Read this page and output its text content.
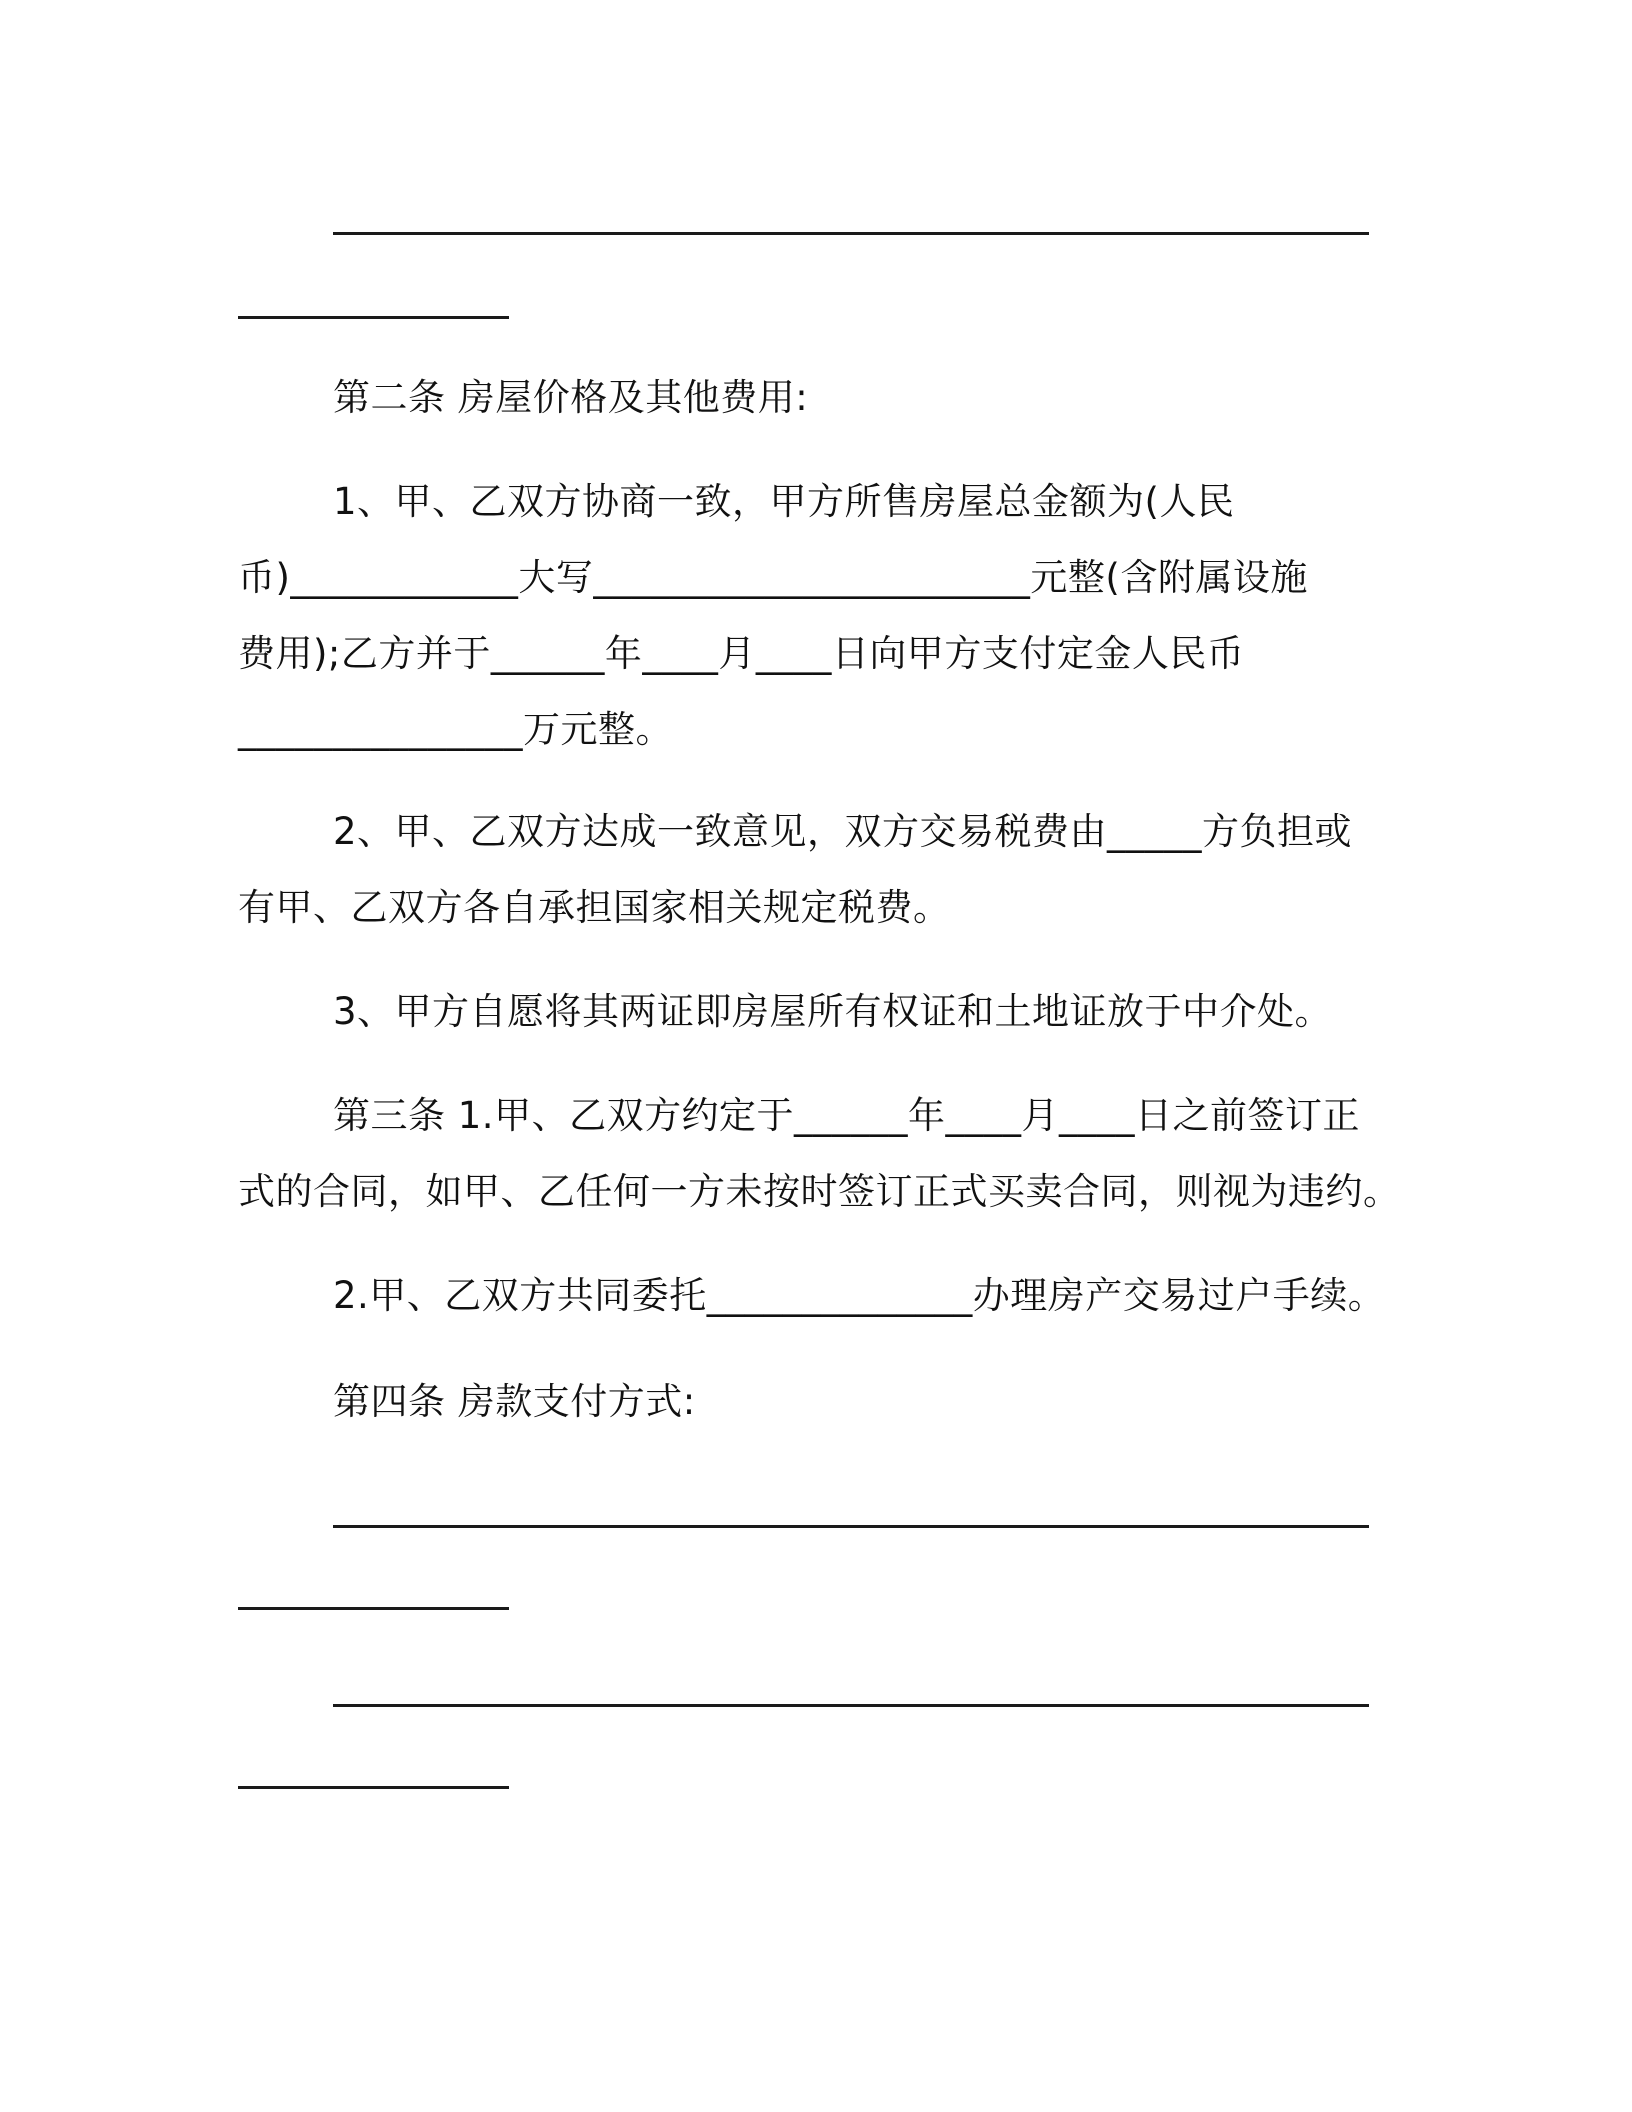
第二条 房屋价格及其他费用:
1、甲、乙双方协商一致，甲方所售房屋总金额为(人民
币)____________大写_______________________元整(含附属设施
费用);乙方并于______年____月____日向甲方支付定金人民币
_______________万元整。
2、甲、乙双方达成一致意见，双方交易税费由_____方负担或
有甲、乙双方各自承担国家相关规定税费。
3、甲方自愿将其两证即房屋所有权证和土地证放于中介处。
第三条 1.甲、乙双方约定于______年____月____日之前签订正
式的合同，如甲、乙任何一方未按时签订正式买卖合同，则视为违约。
2.甲、乙双方共同委托______________办理房产交易过户手续。
第四条 房款支付方式:
